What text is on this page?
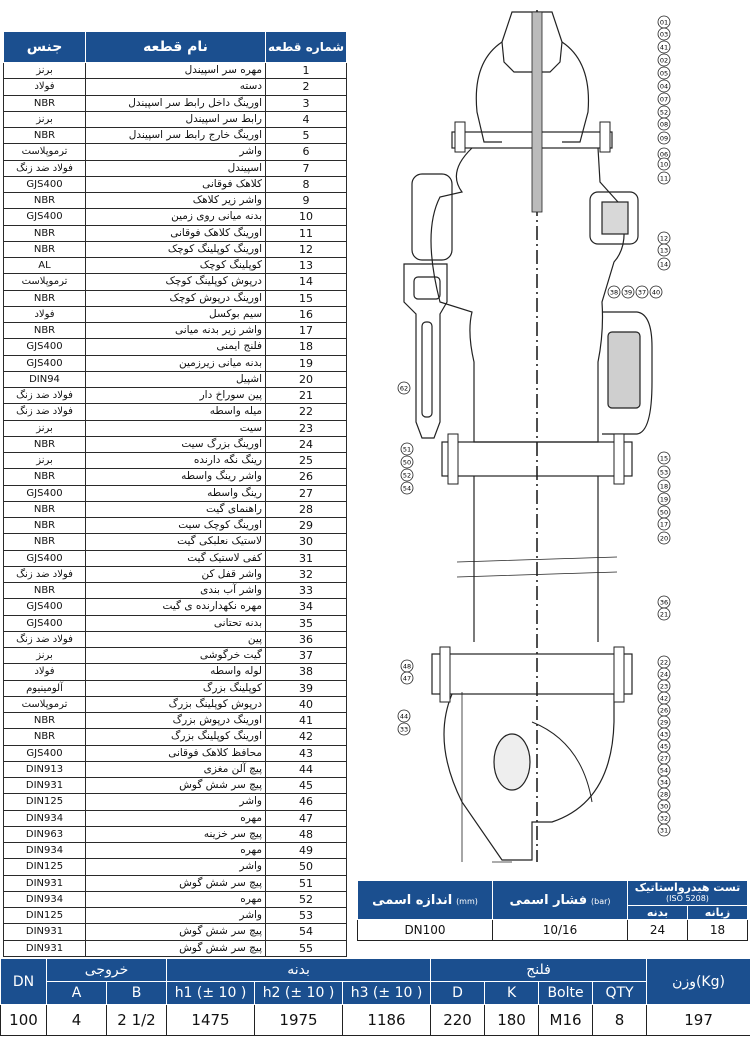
جنس	نام قطعه	شماره قطعه
برنز	مهره سر اسپیندل	1
فولاد	دسته	2
NBR	اورینگ داخل رابط سر اسپیندل	3
برنز	رابط سر اسپیندل	4
NBR	اورینگ خارج رابط سر اسپیندل	5
ترموپلاست	واشر	6
فولاد ضد زنگ	اسپیندل	7
GJS400	کلاهک فوقانی	8
NBR	واشر زیر کلاهک	9
GJS400	بدنه میانی روی زمین	10
NBR	اورینگ کلاهک فوقانی	11
NBR	اورینگ کوپلینگ کوچک	12
AL	کوپلینگ کوچک	13
ترموپلاست	درپوش کوپلینگ کوچک	14
NBR	اورینگ درپوش کوچک	15
فولاد	سیم بوکسل	16
NBR	واشر زیر بدنه میانی	17
GJS400	فلنج ایمنی	18
GJS400	بدنه میانی زیرزمین	19
DIN94	اشپیل	20
فولاد ضد زنگ	پین سوراخ دار	21
فولاد ضد زنگ	میله واسطه	22
برنز	سیت	23
NBR	اورینگ بزرگ سیت	24
برنز	رینگ نگه دارنده	25
NBR	واشر رینگ واسطه	26
GJS400	رینگ واسطه	27
NBR	راهنمای گیت	28
NBR	اورینگ کوچک سیت	29
NBR	لاستیک نعلبکی گیت	30
GJS400	کفی لاستیک گیت	31
فولاد ضد زنگ	واشر قفل کن	32
NBR	واشر آب بندی	33
GJS400	مهره نکهدارنده ی گیت	34
GJS400	بدنه تحتانی	35
فولاد ضد زنگ	پین	36
برنز	گیت خرگوشی	37
فولاد	لوله واسطه	38
آلومینیوم	کوپلینگ بزرگ	39
ترموپلاست	درپوش کوپلینگ بزرگ	40
NBR	اورینگ درپوش بزرگ	41
NBR	اورینگ کوپلینگ بزرگ	42
GJS400	محافظ کلاهک فوقانی	43
DIN913	پیچ آلن مغزی	44
DIN931	پیچ سر شش گوش	45
DIN125	واشر	46
DIN934	مهره	47
DIN963	پیچ سر خزینه	48
DIN934	مهره	49
DIN125	واشر	50
DIN931	پیچ سر شش گوش	51
DIN934	مهره	52
DIN125	واشر	53
DIN931	پیچ سر شش گوش	54
DIN931	پیچ سر شش گوش	55
01
03
41
02
05
04
07
52
08
09
06
10
11
12
13
14
15
53
18
19
50
17
20
36
21
22
24
23
42
26
29
43
45
27
54
34
28
30
32
31
38 39 37 40
62
51
50
52
54
48
47
44
33
اندازه اسمی (mm)	فشار اسمی (bar)	تست هیدرواستاتیک
(ISO 5208)	
		بدنه	زبانه
DN100	10/16	24	18
DN	خروجی		بدنه			فلنج				وزن(Kg)
	A	B	h1 (± 10 )	h2 (± 10 )	h3 (± 10 )	D	K	Bolte	QTY	
100	4	2 1/2	1475	1975	1186	220	180	M16	8	197
